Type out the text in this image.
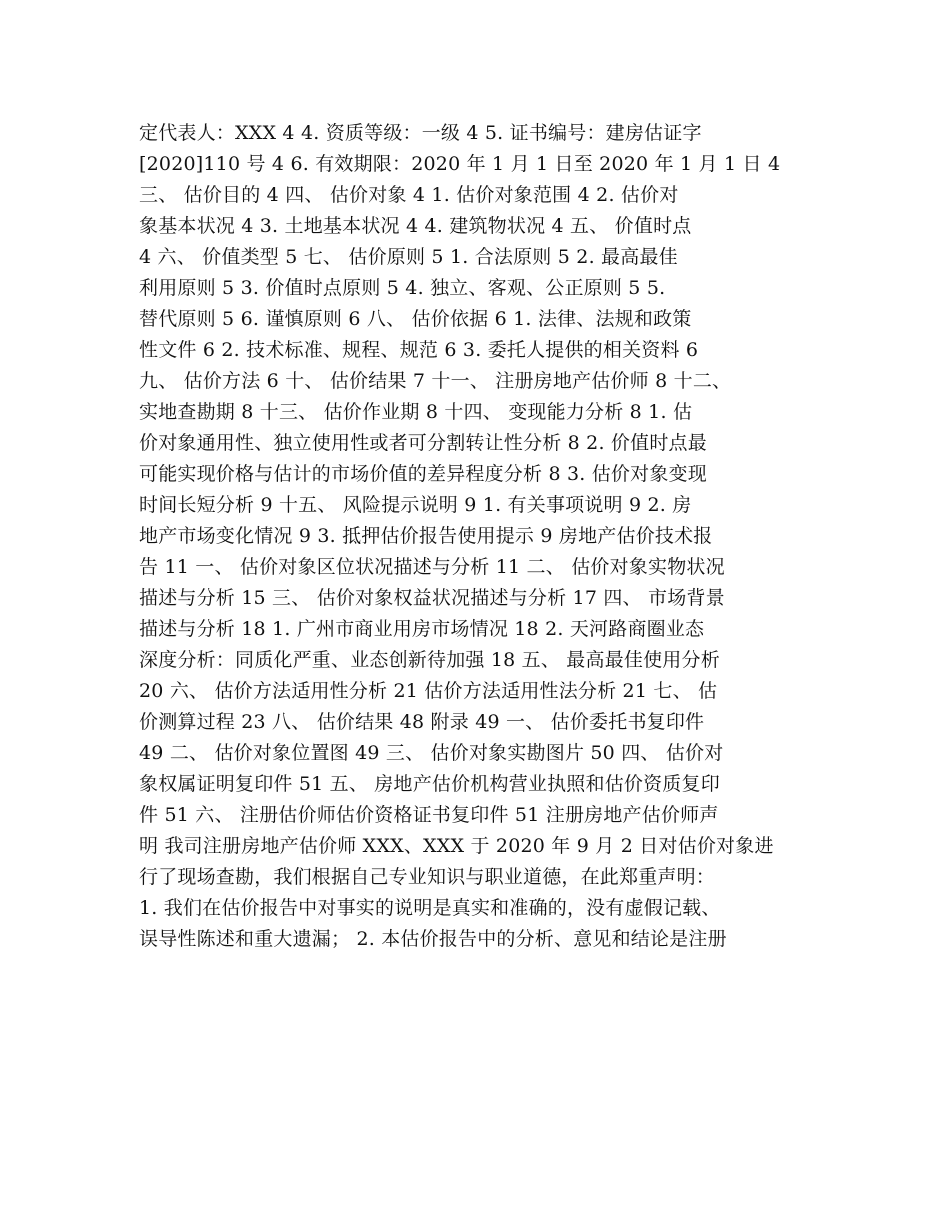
定代表人：XXX 4 4. 资质等级：一级 4 5. 证书编号：建房估证字
[2020]110 号 4 6. 有效期限：2020 年 1 月 1 日至 2020 年 1 月 1 日 4
三、 估价目的 4 四、 估价对象 4 1. 估价对象范围 4 2. 估价对
象基本状况 4 3. 土地基本状况 4 4. 建筑物状况 4 五、 价值时点
4 六、 价值类型 5 七、 估价原则 5 1. 合法原则 5 2. 最高最佳
利用原则 5 3. 价值时点原则 5 4. 独立、客观、公正原则 5 5.
替代原则 5 6. 谨慎原则 6 八、 估价依据 6 1. 法律、法规和政策
性文件 6 2. 技术标准、规程、规范 6 3. 委托人提供的相关资料 6
九、 估价方法 6 十、 估价结果 7 十一、 注册房地产估价师 8 十二、
实地查勘期 8 十三、 估价作业期 8 十四、 变现能力分析 8 1. 估
价对象通用性、独立使用性或者可分割转让性分析 8 2. 价值时点最
可能实现价格与估计的市场价值的差异程度分析 8 3. 估价对象变现
时间长短分析 9 十五、 风险提示说明 9 1. 有关事项说明 9 2. 房
地产市场变化情况 9 3. 抵押估价报告使用提示 9 房地产估价技术报
告 11 一、 估价对象区位状况描述与分析 11 二、 估价对象实物状况
描述与分析 15 三、 估价对象权益状况描述与分析 17 四、 市场背景
描述与分析 18 1. 广州市商业用房市场情况 18 2. 天河路商圈业态
深度分析：同质化严重、业态创新待加强 18 五、 最高最佳使用分析
20 六、 估价方法适用性分析 21 估价方法适用性法分析 21 七、 估
价测算过程 23 八、 估价结果 48 附录 49 一、 估价委托书复印件
49 二、 估价对象位置图 49 三、 估价对象实勘图片 50 四、 估价对
象权属证明复印件 51 五、 房地产估价机构营业执照和估价资质复印
件 51 六、 注册估价师估价资格证书复印件 51 注册房地产估价师声
明 我司注册房地产估价师 XXX、XXX 于 2020 年 9 月 2 日对估价对象进
行了现场查勘，我们根据自己专业知识与职业道德，在此郑重声明：
1. 我们在估价报告中对事实的说明是真实和准确的，没有虚假记载、
误导性陈述和重大遗漏； 2. 本估价报告中的分析、意见和结论是注册
